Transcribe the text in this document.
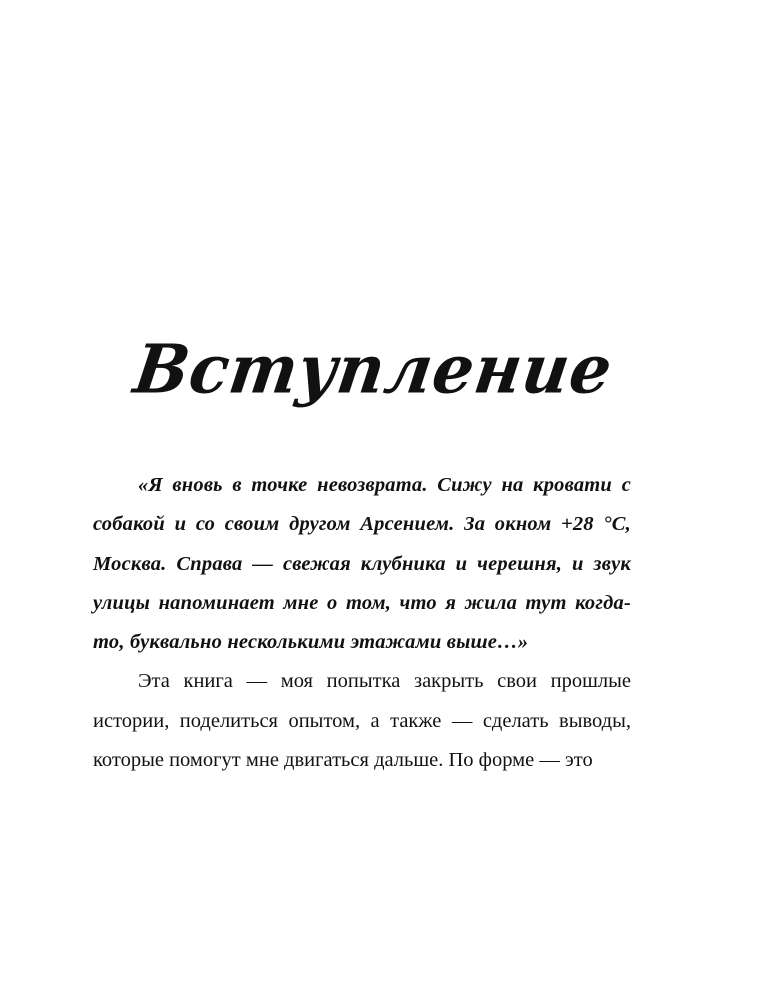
Вступление

«Я вновь в точке невозврата. Сижу на кровати с собакой и со своим другом Арсением. За окном +28 °С, Москва. Справа — свежая клубника и черешня, и звук улицы напоминает мне о том, что я жила тут когда-то, буквально несколькими этажами выше…»

Эта книга — моя попытка закрыть свои прошлые истории, поделиться опытом, а также — сделать выводы, которые помогут мне двигаться дальше. По форме — это
